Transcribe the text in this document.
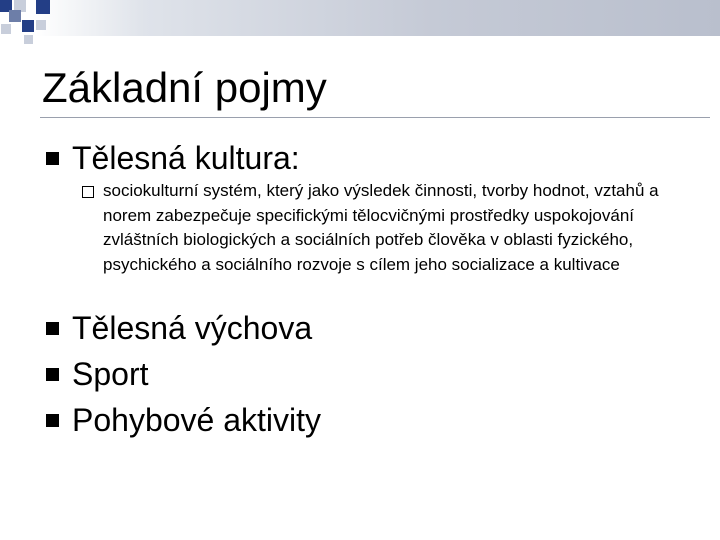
Základní pojmy
Tělesná kultura:

sociokulturní systém, který jako výsledek činnosti, tvorby hodnot, vztahů a norem zabezpečuje specifickými tělocvičnými prostředky uspokojování zvláštních biologických a sociálních potřeb člověka v oblasti fyzického, psychického a sociálního rozvoje s cílem jeho socializace a kultivace

Tělesná výchova
Sport
Pohybové aktivity
